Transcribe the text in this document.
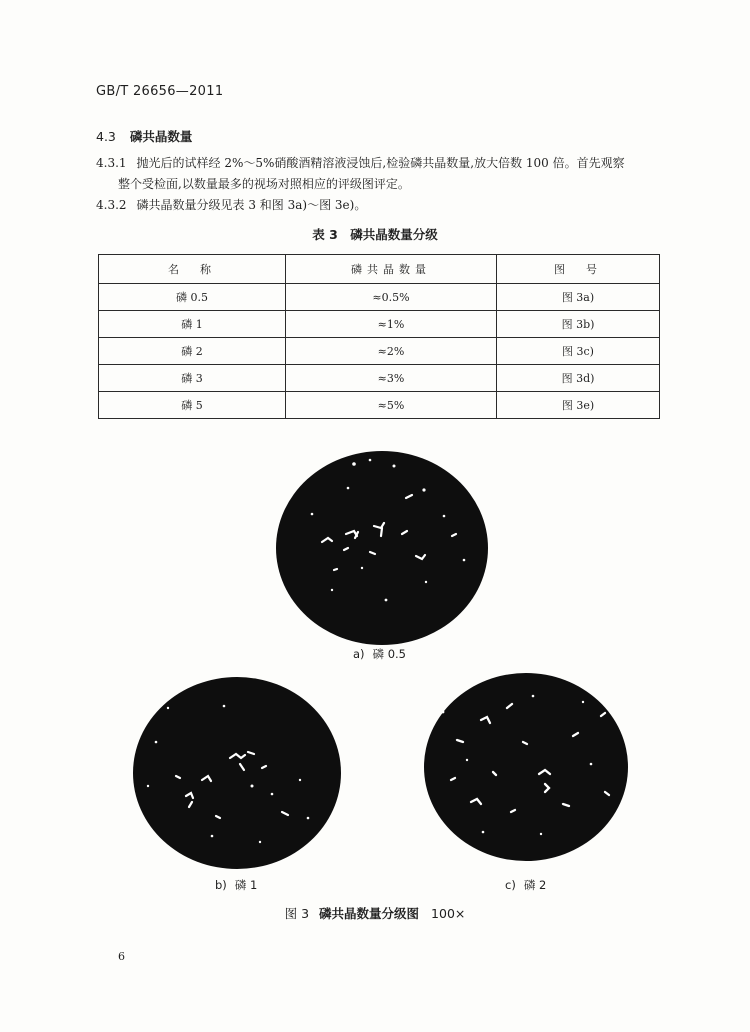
GB/T 26656—2011
4.3 磷共晶数量
4.3.1 抛光后的试样经 2%～5%硝酸酒精溶液浸蚀后,检验磷共晶数量,放大倍数 100 倍。首先观察
整个受检面,以数量最多的视场对照相应的评级图评定。
4.3.2 磷共晶数量分级见表 3 和图 3a)～图 3e)。
表 3　磷共晶数量分级
名　称	磷共晶数量	图　号
磷 0.5	≈0.5%	图 3a)
磷 1	≈1%	图 3b)
磷 2	≈2%	图 3c)
磷 3	≈3%	图 3d)
磷 5	≈5%	图 3e)
a) 磷 0.5
b) 磷 1	c) 磷 2
图 3 磷共晶数量分级图 100×
6
